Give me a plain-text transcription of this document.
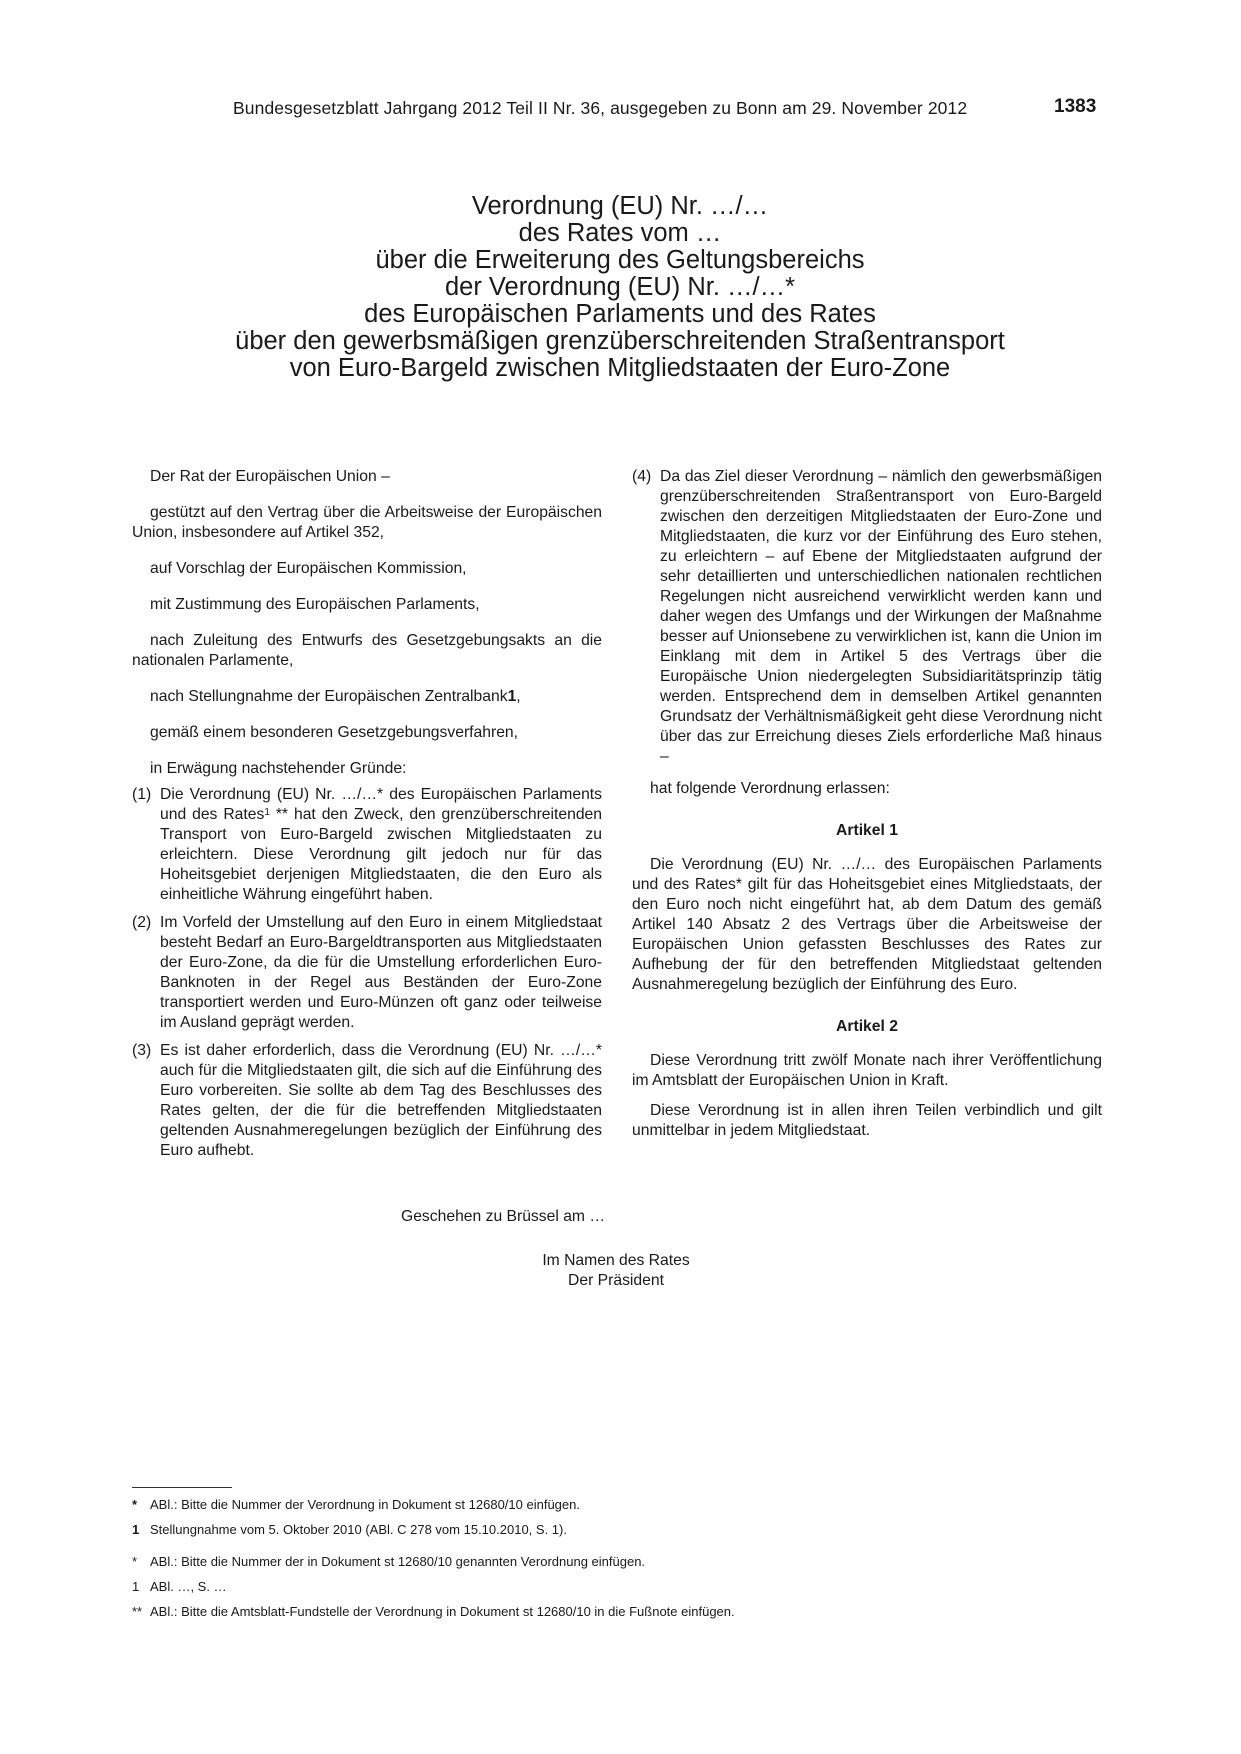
Bundesgesetzblatt Jahrgang 2012 Teil II Nr. 36, ausgegeben zu Bonn am 29. November 2012	1383
Verordnung (EU) Nr. …/…
des Rates vom …
über die Erweiterung des Geltungsbereichs
der Verordnung (EU) Nr. …/…*
des Europäischen Parlaments und des Rates
über den gewerbsmäßigen grenzüberschreitenden Straßentransport
von Euro-Bargeld zwischen Mitgliedstaaten der Euro-Zone

Der Rat der Europäischen Union –

gestützt auf den Vertrag über die Arbeitsweise der Europäischen Union, insbesondere auf Artikel 352,

auf Vorschlag der Europäischen Kommission,

mit Zustimmung des Europäischen Parlaments,

nach Zuleitung des Entwurfs des Gesetzgebungsakts an die nationalen Parlamente,

nach Stellungnahme der Europäischen Zentralbank1,

gemäß einem besonderen Gesetzgebungsverfahren,

in Erwägung nachstehender Gründe:

(1) Die Verordnung (EU) Nr. …/…* des Europäischen Parlaments und des Rates$^1$ ** hat den Zweck, den grenzüberschreitenden Transport von Euro-Bargeld zwischen Mitgliedstaaten zu erleichtern. Diese Verordnung gilt jedoch nur für das Hoheitsgebiet derjenigen Mitgliedstaaten, die den Euro als einheitliche Währung eingeführt haben.
(2) Im Vorfeld der Umstellung auf den Euro in einem Mitgliedstaat besteht Bedarf an Euro-Bargeldtransporten aus Mitgliedstaaten der Euro-Zone, da die für die Umstellung erforderlichen Euro-Banknoten in der Regel aus Beständen der Euro-Zone transportiert werden und Euro-Münzen oft ganz oder teilweise im Ausland geprägt werden.
(3) Es ist daher erforderlich, dass die Verordnung (EU) Nr. …/…* auch für die Mitgliedstaaten gilt, die sich auf die Einführung des Euro vorbereiten. Sie sollte ab dem Tag des Beschlusses des Rates gelten, der die für die betreffenden Mitgliedstaaten geltenden Ausnahmeregelungen bezüglich der Einführung des Euro aufhebt.
(4) Da das Ziel dieser Verordnung – nämlich den gewerbsmäßigen grenzüberschreitenden Straßentransport von Euro-Bargeld zwischen den derzeitigen Mitgliedstaaten der Euro-Zone und Mitgliedstaaten, die kurz vor der Einführung des Euro stehen, zu erleichtern – auf Ebene der Mitgliedstaaten aufgrund der sehr detaillierten und unterschiedlichen nationalen rechtlichen Regelungen nicht ausreichend verwirklicht werden kann und daher wegen des Umfangs und der Wirkungen der Maßnahme besser auf Unionsebene zu verwirklichen ist, kann die Union im Einklang mit dem in Artikel 5 des Vertrags über die Europäische Union niedergelegten Subsidiaritätsprinzip tätig werden. Entsprechend dem in demselben Artikel genannten Grundsatz der Verhältnismäßigkeit geht diese Verordnung nicht über das zur Erreichung dieses Ziels erforderliche Maß hinaus –

hat folgende Verordnung erlassen:

Artikel 1

Die Verordnung (EU) Nr. …/… des Europäischen Parlaments und des Rates* gilt für das Hoheitsgebiet eines Mitgliedstaats, der den Euro noch nicht eingeführt hat, ab dem Datum des gemäß Artikel 140 Absatz 2 des Vertrags über die Arbeitsweise der Europäischen Union gefassten Beschlusses des Rates zur Aufhebung der für den betreffenden Mitgliedstaat geltenden Ausnahmeregelung bezüglich der Einführung des Euro.

Artikel 2

Diese Verordnung tritt zwölf Monate nach ihrer Veröffentlichung im Amtsblatt der Europäischen Union in Kraft.

Diese Verordnung ist in allen ihren Teilen verbindlich und gilt unmittelbar in jedem Mitgliedstaat.

Geschehen zu Brüssel am …
Im Namen des Rates
Der Präsident
* ABl.: Bitte die Nummer der Verordnung in Dokument st 12680/10 einfügen.
1 Stellungnahme vom 5. Oktober 2010 (ABl. C 278 vom 15.10.2010, S. 1).
* ABl.: Bitte die Nummer der in Dokument st 12680/10 genannten Verordnung einfügen.
1 ABl. …, S. …
** ABl.: Bitte die Amtsblatt-Fundstelle der Verordnung in Dokument st 12680/10 in die Fußnote einfügen.
